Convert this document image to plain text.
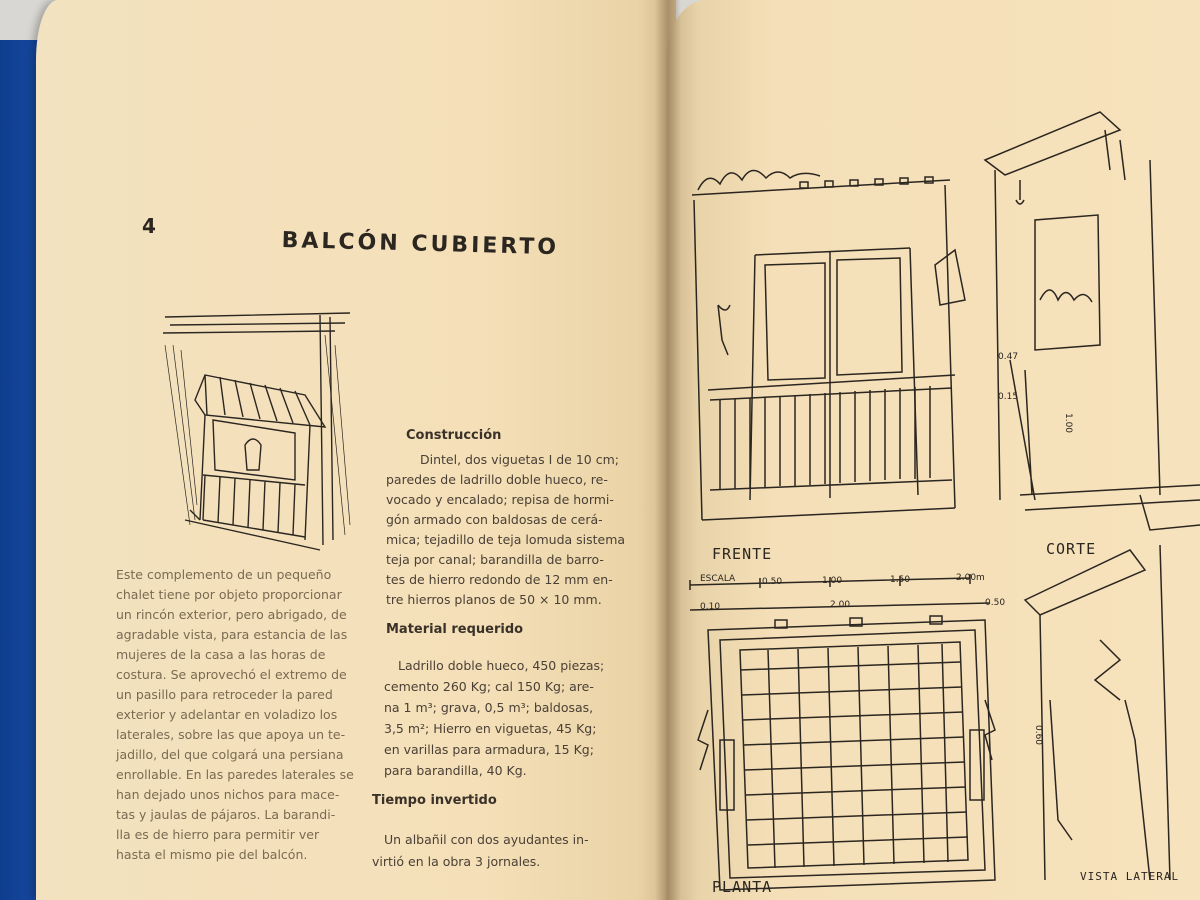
4
BALCÓN CUBIERTO
Este complemento de un pequeño
chalet tiene por objeto proporcionar
un rincón exterior, pero abrigado, de
agradable vista, para estancia de las
mujeres de la casa a las horas de
costura. Se aprovechó el extremo de
un pasillo para retroceder la pared
exterior y adelantar en voladizo los
laterales, sobre las que apoya un te-
jadillo, del que colgará una persiana
enrollable. En las paredes laterales se
han dejado unos nichos para mace-
tas y jaulas de pájaros. La barandi-
lla es de hierro para permitir ver
hasta el mismo pie del balcón.
Construcción
Dintel, dos viguetas I de 10 cm;
paredes de ladrillo doble hueco, re-
vocado y encalado; repisa de hormi-
gón armado con baldosas de cerá-
mica; tejadillo de teja lomuda sistema
teja por canal; barandilla de barro-
tes de hierro redondo de 12 mm en-
tre hierros planos de 50 × 10 mm.
Material requerido
Ladrillo doble hueco, 450 piezas;
cemento 260 Kg; cal 150 Kg; are-
na 1 m³; grava, 0,5 m³; baldosas,
3,5 m²; Hierro en viguetas, 45 Kg;
en varillas para armadura, 15 Kg;
para barandilla, 40 Kg.
Tiempo invertido
Un albañil con dos ayudantes in-
virtió en la obra 3 jornales.
FRENTE	CORTE
PLANTA
VISTA LATERAL
ESCALA	0.50	1.00	1.50	2.00m
0.10	2.00	0.50
1.00
0.60
0.47
0.15
